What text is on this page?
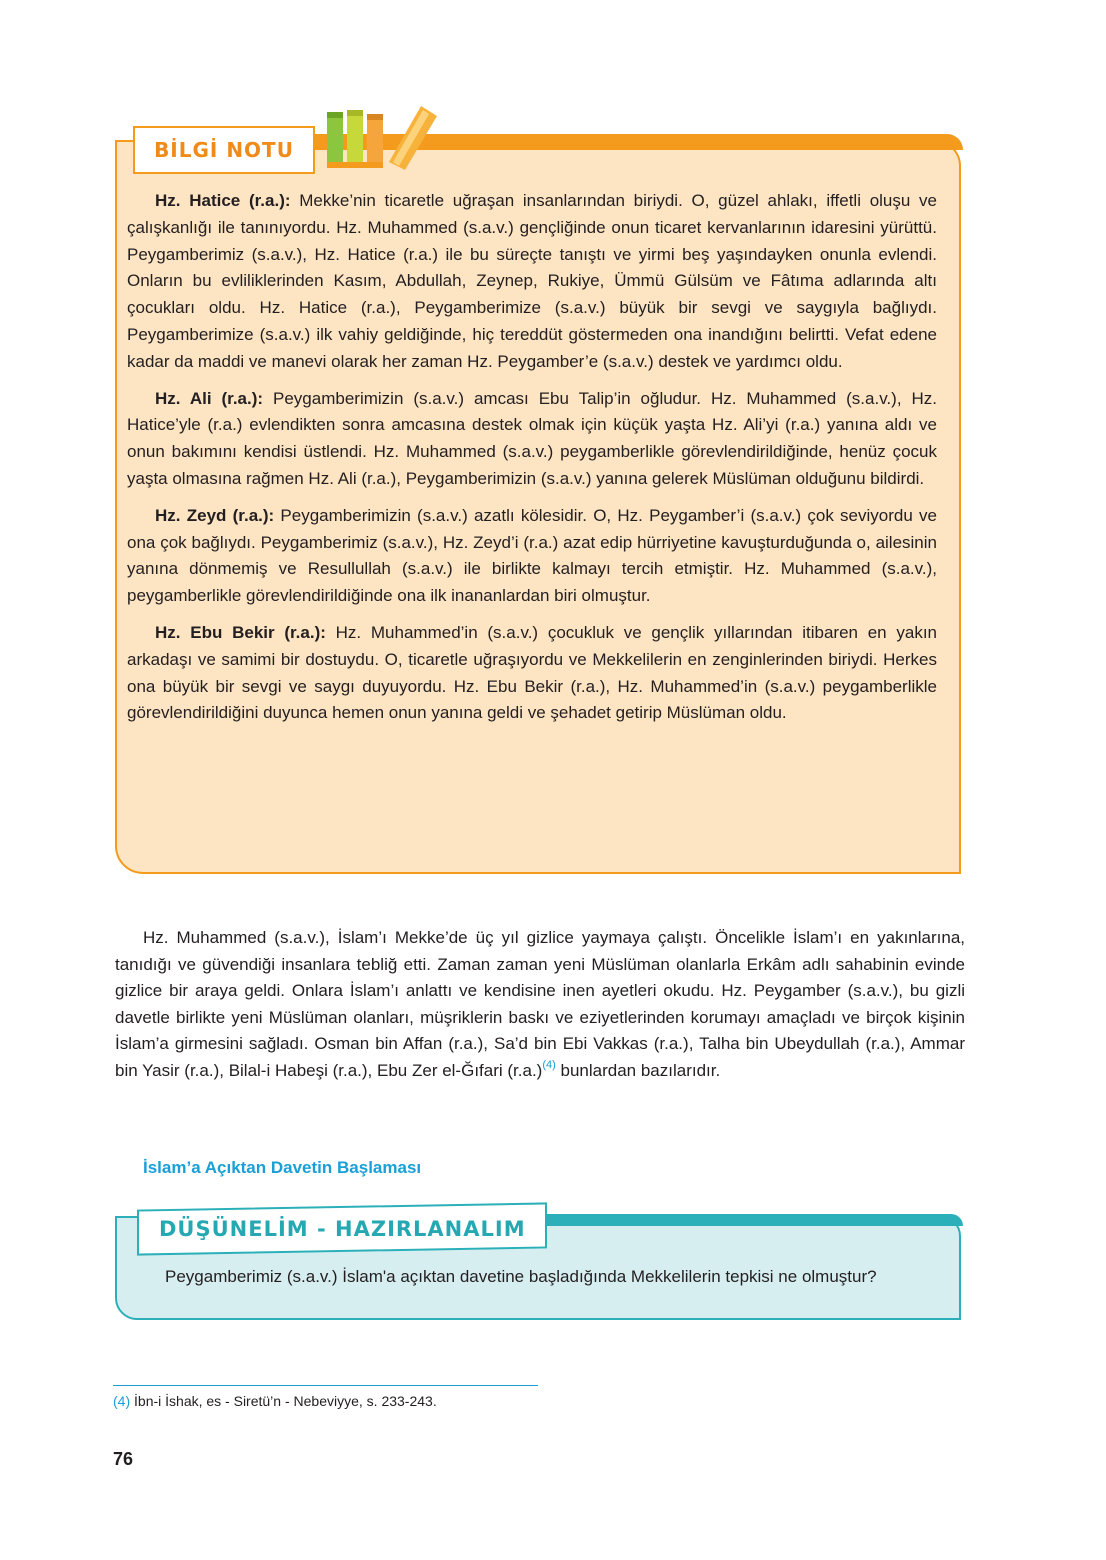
BİLGİ NOTU

Hz. Hatice (r.a.): Mekke’nin ticaretle uğraşan insanlarından biriydi. O, güzel ahlakı, iffetli oluşu ve çalışkanlığı ile tanınıyordu. Hz. Muhammed (s.a.v.) gençliğinde onun ticaret kervanlarının idaresini yürüttü. Peygamberimiz (s.a.v.), Hz. Hatice (r.a.) ile bu süreçte tanıştı ve yirmi beş yaşındayken onunla evlendi. Onların bu evliliklerinden Kasım, Abdullah, Zeynep, Rukiye, Ümmü Gülsüm ve Fâtıma adlarında altı çocukları oldu. Hz. Hatice (r.a.), Peygamberimize (s.a.v.) büyük bir sevgi ve saygıyla bağlıydı. Peygamberimize (s.a.v.) ilk vahiy geldiğinde, hiç tereddüt göstermeden ona inandığını belirtti. Vefat edene kadar da maddi ve manevi olarak her zaman Hz. Peygamber’e (s.a.v.) destek ve yardımcı oldu.

Hz. Ali (r.a.): Peygamberimizin (s.a.v.) amcası Ebu Talip’in oğludur. Hz. Muhammed (s.a.v.), Hz. Hatice’yle (r.a.) evlendikten sonra amcasına destek olmak için küçük yaşta Hz. Ali’yi (r.a.) yanına aldı ve onun bakımını kendisi üstlendi. Hz. Muhammed (s.a.v.) peygamberlikle görevlendirildiğinde, henüz çocuk yaşta olmasına rağmen Hz. Ali (r.a.), Peygamberimizin (s.a.v.) yanına gelerek Müslüman olduğunu bildirdi.

Hz. Zeyd (r.a.): Peygamberimizin (s.a.v.) azatlı kölesidir. O, Hz. Peygamber’i (s.a.v.) çok seviyordu ve ona çok bağlıydı. Peygamberimiz (s.a.v.), Hz. Zeyd’i (r.a.) azat edip hürriyetine kavuşturduğunda o, ailesinin yanına dönmemiş ve Resullullah (s.a.v.) ile birlikte kalmayı tercih etmiştir. Hz. Muhammed (s.a.v.), peygamberlikle görevlendirildiğinde ona ilk inananlardan biri olmuştur.

Hz. Ebu Bekir (r.a.): Hz. Muhammed’in (s.a.v.) çocukluk ve gençlik yıllarından itibaren en yakın arkadaşı ve samimi bir dostuydu. O, ticaretle uğraşıyordu ve Mekkelilerin en zenginlerinden biriydi. Herkes ona büyük bir sevgi ve saygı duyuyordu. Hz. Ebu Bekir (r.a.), Hz. Muhammed’in (s.a.v.) peygamberlikle görevlendirildiğini duyunca hemen onun yanına geldi ve şehadet getirip Müslüman oldu.

Hz. Muhammed (s.a.v.), İslam’ı Mekke’de üç yıl gizlice yaymaya çalıştı. Öncelikle İslam’ı en yakınlarına, tanıdığı ve güvendiği insanlara tebliğ etti. Zaman zaman yeni Müslüman olanlarla Erkâm adlı sahabinin evinde gizlice bir araya geldi. Onlara İslam’ı anlattı ve kendisine inen ayetleri okudu. Hz. Peygamber (s.a.v.), bu gizli davetle birlikte yeni Müslüman olanları, müşriklerin baskı ve eziyetlerinden korumayı amaçladı ve birçok kişinin İslam’a girmesini sağladı. Osman bin Affan (r.a.), Sa’d bin Ebi Vakkas (r.a.), Talha bin Ubeydullah (r.a.), Ammar bin Yasir (r.a.), Bilal-i Habeşi (r.a.), Ebu Zer el-Ğıfari (r.a.)$^{(4)}$ bunlardan bazılarıdır.

İslam’a Açıktan Davetin Başlaması
DÜŞÜNELİM - HAZIRLANALIM

Peygamberimiz (s.a.v.) İslam'a açıktan davetine başladığında Mekkelilerin tepkisi ne olmuştur?

(4) İbn-i İshak, es - Siretü’n - Nebeviyye, s. 233-243.
76
